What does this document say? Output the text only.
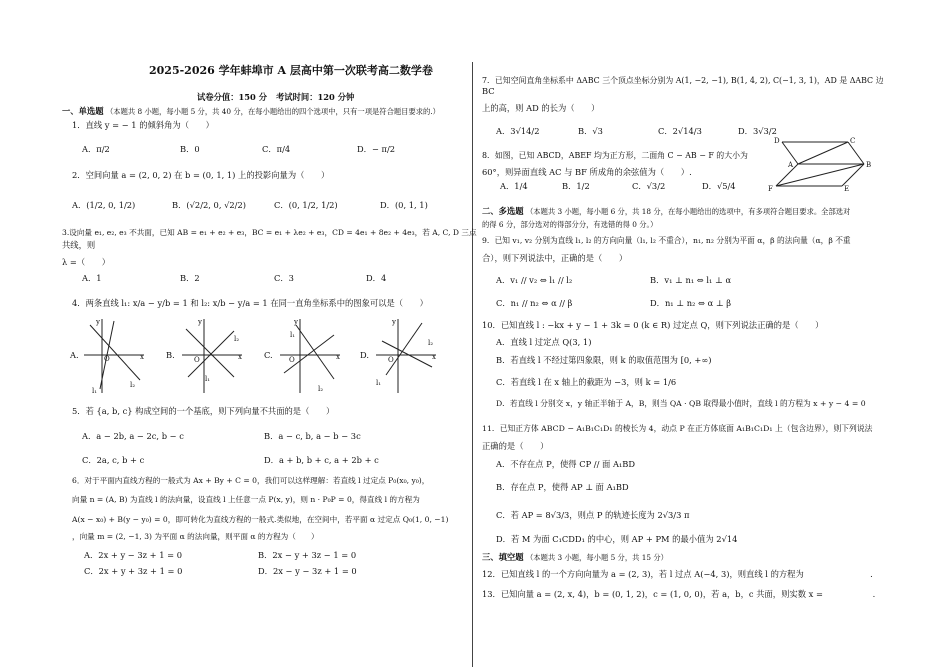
2025-2026 学年蚌埠市 A 层高中第一次联考高二数学卷
试卷分值：150 分 考试时间：120 分钟
一、单选题 （本题共 8 小题，每小题 5 分，共 40 分，在每小题给出的四个选项中，只有一项是符合题目要求的.）
1．直线 y = − 1 的倾斜角为（　　）
A．π/2	B．0	C．π/4	D．− π/2
2．空间向量 a = (2, 0, 2) 在 b = (0, 1, 1) 上的投影向量为（　　）
A．(1/2, 0, 1/2)	B．(√2/2, 0, √2/2)	C．(0, 1/2, 1/2)	D．(0, 1, 1)
3.设向量 e₁, e₂, e₃ 不共面，已知 AB = e₁ + e₂ + e₃，BC = e₁ + λe₂ + e₃，CD = 4e₁ + 8e₂ + 4e₃，若 A, C, D 三点
共线，则
λ =（　　）
A．1	B．2	C．3	D．4
4．两条直线 l₁: x/a − y/b = 1 和 l₂: x/b − y/a = 1 在同一直角坐标系中的图象可以是（　　）
A.
y
x
O
l₂
l₁
B.
y
x
O
l₁
l₂
C.
y
x
O
l₂
l₁
D.
y
x
O
l₂
l₁
5．若 {a, b, c} 构成空间的一个基底，则下列向量不共面的是（　　）
A．a − 2b, a − 2c, b − c	B．a − c, b, a − b − 3c
C．2a, c, b + c	D．a + b, b + c, a + 2b + c
6．对于平面内直线方程的一般式为 Ax + By + C = 0，我们可以这样理解：若直线 l 过定点 P₀(x₀, y₀)，
向量 n = (A, B) 为直线 l 的法向量，设直线 l 上任意一点 P(x, y)，则 n · P₀P = 0，得直线 l 的方程为
A(x − x₀) + B(y − y₀) = 0，即可转化为直线方程的一般式.类似地，在空间中，若平面 α 过定点 Q₀(1, 0, −1)
，向量 m = (2, −1, 3) 为平面 α 的法向量，则平面 α 的方程为（　　）
A．2x + y − 3z + 1 = 0	B．2x − y + 3z − 1 = 0
C．2x + y + 3z + 1 = 0	D．2x − y − 3z + 1 = 0
7．已知空间直角坐标系中 ΔABC 三个顶点坐标分别为 A(1, −2, −1), B(1, 4, 2), C(−1, 3, 1)，AD 是 ΔABC 边
BC
上的高，则 AD 的长为（　　）
A．3√14/2	B．√3	C．2√14/3	D．3√3/2
8．如图，已知 ABCD，ABEF 均为正方形，二面角 C − AB − F 的大小为
60°，则异面直线 AC 与 BF 所成角的余弦值为（　　）.
A．1/4	B．1/2	C．√3/2	D．√5/4
D	C
A	B
F	E
二、多选题 （本题共 3 小题，每小题 6 分，共 18 分，在每小题给出的选项中，有多项符合题目要求。全部选对
的得 6 分，部分选对的得部分分，有选错的得 0 分。）
9．已知 v₁, v₂ 分别为直线 l₁, l₂ 的方向向量（l₁, l₂ 不重合），n₁, n₂ 分别为平面 α，β 的法向量（α，β 不重
合），则下列说法中，正确的是（　　）
A．v₁ // v₂ ⇔ l₁ // l₂	B．v₁ ⊥ n₁ ⇔ l₁ ⊥ α
C．n₁ // n₂ ⇔ α // β	D．n₁ ⊥ n₂ ⇔ α ⊥ β
10．已知直线 l : −kx + y − 1 + 3k = 0 (k ∈ R) 过定点 Q，则下列说法正确的是（　　）
A．直线 l 过定点 Q(3, 1)
B．若直线 l 不经过第四象限，则 k 的取值范围为 [0, +∞)
C．若直线 l 在 x 轴上的截距为 −3，则 k = 1/6
D．若直线 l 分别交 x，y 轴正半轴于 A，B，则当 QA · QB 取得最小值时，直线 l 的方程为 x + y − 4 = 0
11．已知正方体 ABCD − A₁B₁C₁D₁ 的棱长为 4，动点 P 在正方体底面 A₁B₁C₁D₁ 上（包含边界），则下列说法
正确的是（　　）
A．不存在点 P，使得 CP // 面 A₁BD
B．存在点 P，使得 AP ⊥ 面 A₁BD
C．若 AP = 8√3/3，则点 P 的轨迹长度为 2√3/3 π
D．若 M 为面 C₁CDD₁ 的中心，则 AP + PM 的最小值为 2√14
三、填空题 （本题共 3 小题，每小题 5 分，共 15 分）
12．已知直线 l 的一个方向向量为 a = (2, 3)，若 l 过点 A(−4, 3)，则直线 l 的方程为　　　　　　　　.
13．已知向量 a = (2, x, 4)，b = (0, 1, 2)，c = (1, 0, 0)，若 a，b，c 共面，则实数 x =　　　　　　.
